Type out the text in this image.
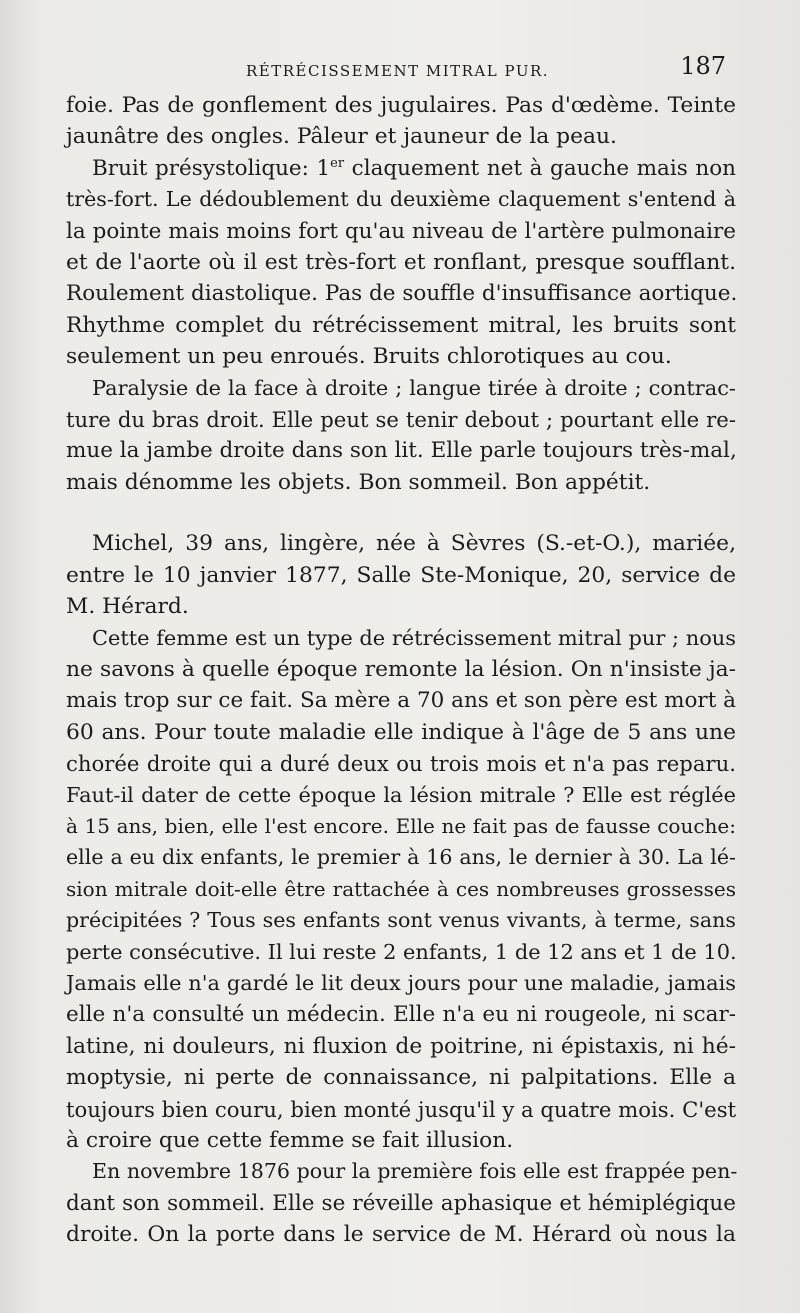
RÉTRÉCISSEMENT MITRAL PUR.	187
foie. Pas de gonflement des jugulaires. Pas d'œdème. Teinte
jaunâtre des ongles. Pâleur et jauneur de la peau.
Bruit présystolique: 1er claquement net à gauche mais non
très-fort. Le dédoublement du deuxième claquement s'entend à
la pointe mais moins fort qu'au niveau de l'artère pulmonaire
et de l'aorte où il est très-fort et ronflant, presque soufflant.
Roulement diastolique. Pas de souffle d'insuffisance aortique.
Rhythme complet du rétrécissement mitral, les bruits sont
seulement un peu enroués. Bruits chlorotiques au cou.
Paralysie de la face à droite ; langue tirée à droite ; contrac-
ture du bras droit. Elle peut se tenir debout ; pourtant elle re-
mue la jambe droite dans son lit. Elle parle toujours très-mal,
mais dénomme les objets. Bon sommeil. Bon appétit.
Michel, 39 ans, lingère, née à Sèvres (S.-et-O.), mariée,
entre le 10 janvier 1877, Salle Ste-Monique, 20, service de
M. Hérard.
Cette femme est un type de rétrécissement mitral pur ; nous
ne savons à quelle époque remonte la lésion. On n'insiste ja-
mais trop sur ce fait. Sa mère a 70 ans et son père est mort à
60 ans. Pour toute maladie elle indique à l'âge de 5 ans une
chorée droite qui a duré deux ou trois mois et n'a pas reparu.
Faut-il dater de cette époque la lésion mitrale ? Elle est réglée
à 15 ans, bien, elle l'est encore. Elle ne fait pas de fausse couche:
elle a eu dix enfants, le premier à 16 ans, le dernier à 30. La lé-
sion mitrale doit-elle être rattachée à ces nombreuses grossesses
précipitées ? Tous ses enfants sont venus vivants, à terme, sans
perte consécutive. Il lui reste 2 enfants, 1 de 12 ans et 1 de 10.
Jamais elle n'a gardé le lit deux jours pour une maladie, jamais
elle n'a consulté un médecin. Elle n'a eu ni rougeole, ni scar-
latine, ni douleurs, ni fluxion de poitrine, ni épistaxis, ni hé-
moptysie, ni perte de connaissance, ni palpitations. Elle a
toujours bien couru, bien monté jusqu'il y a quatre mois. C'est
à croire que cette femme se fait illusion.
En novembre 1876 pour la première fois elle est frappée pen-
dant son sommeil. Elle se réveille aphasique et hémiplégique
droite. On la porte dans le service de M. Hérard où nous la
